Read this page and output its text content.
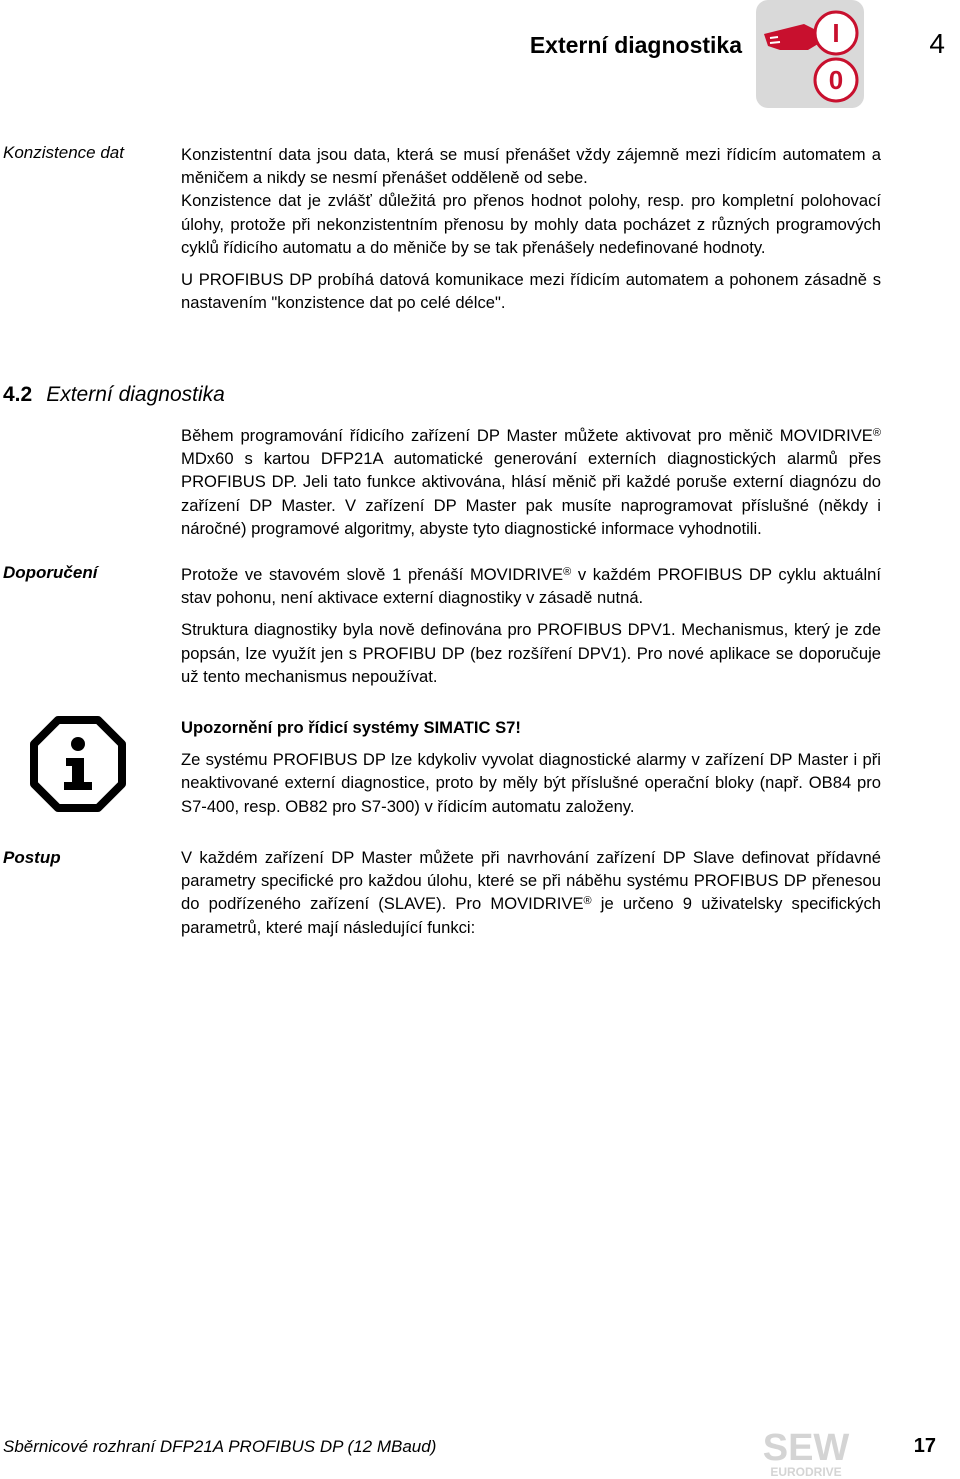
Externí diagnostika	I
0
4
Konzistence dat	Konzistentní data jsou data, která se musí přenášet vždy zájemně mezi řídicím automatem a měničem a nikdy se nesmí přenášet odděleně od sebe.

Konzistence dat je zvlášť důležitá pro přenos hodnot polohy, resp. pro kompletní polohovací úlohy, protože při nekonzistentním přenosu by mohly data pocházet z různých programových cyklů řídicího automatu a do měniče by se tak přenášely nedefinované hodnoty.

U PROFIBUS DP probíhá datová komunikace mezi řídicím automatem a pohonem zásadně s nastavením "konzistence dat po celé délce".

4.2 Externí diagnostika

Během programování řídicího zařízení DP Master můžete aktivovat pro měnič MOVIDRIVE® MDx60 s kartou DFP21A automatické generování externích diagnostických alarmů přes PROFIBUS DP. Jeli tato funkce aktivována, hlásí měnič při každé poruše externí diagnózu do zařízení DP Master. V zařízení DP Master pak musíte naprogramovat příslušné (někdy i náročné) programové algoritmy, abyste tyto diagnostické informace vyhodnotili.

Doporučení	Protože ve stavovém slově 1 přenáší MOVIDRIVE® v každém PROFIBUS DP cyklu aktuální stav pohonu, není aktivace externí diagnostiky v zásadě nutná.

Struktura diagnostiky byla nově definována pro PROFIBUS DPV1. Mechanismus, který je zde popsán, lze využít jen s PROFIBU DP (bez rozšíření DPV1). Pro nové aplikace se doporučuje už tento mechanismus nepoužívat.

Upozornění pro řídicí systémy SIMATIC S7!

Ze systému PROFIBUS DP lze kdykoliv vyvolat diagnostické alarmy v zařízení DP Master i při neaktivované externí diagnostice, proto by měly být příslušné operační bloky (např. OB84 pro S7-400, resp. OB82 pro S7-300) v řídicím automatu založeny.

Postup	V každém zařízení DP Master můžete při navrhování zařízení DP Slave definovat přídavné parametry specifické pro každou úlohu, které se při náběhu systému PROFIBUS DP přenesou do podřízeného zařízení (SLAVE). Pro MOVIDRIVE® je určeno 9 uživatelsky specifických parametrů, které mají následující funkci:

Sběrnicové rozhraní DFP21A PROFIBUS DP (12 MBaud)	SEW
EURODRIVE
17
